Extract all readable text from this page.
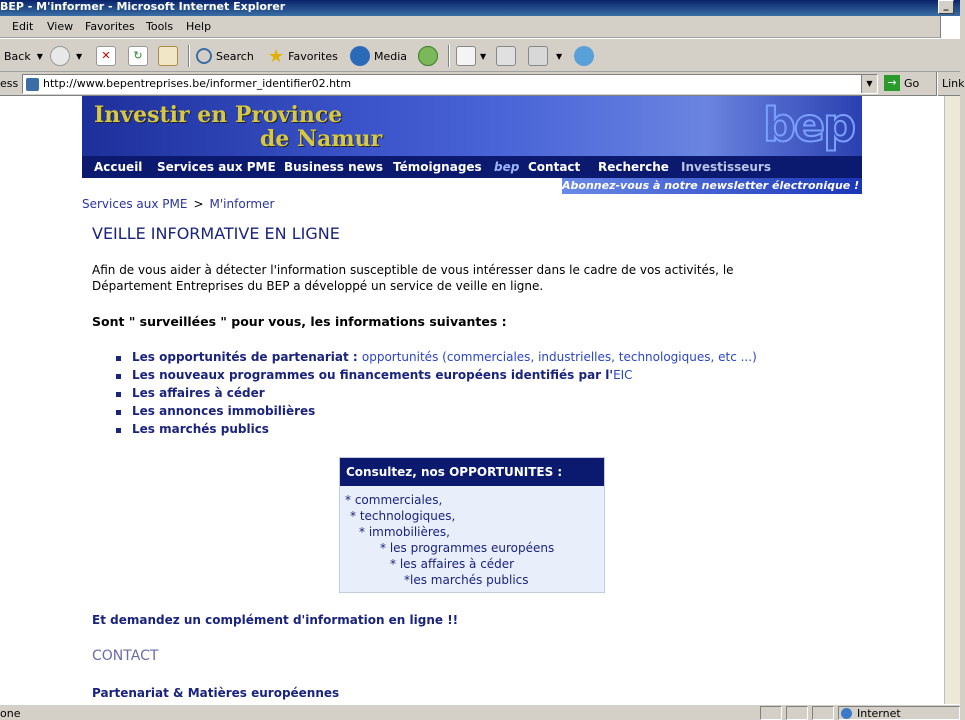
BEP - M'informer - Microsoft Internet Explorer	_
Edit View Favorites Tools Help
Back ▼	▼	✕	↻	Search ★ Favorites	Media	▼	▼
ess	http://www.bepentreprises.be/informer_identifier02.htm	▼	→ Go Link
Investir en Province
de Namur	bep
Accueil Services aux PME Business news Témoignages bep Contact Recherche Investisseurs
Abonnez-vous à notre newsletter électronique !
Services aux PME > M'informer
VEILLE INFORMATIVE EN LIGNE
Afin de vous aider à détecter l'information susceptible de vous intéresser dans le cadre de vos activités, le
Département Entreprises du BEP a développé un service de veille en ligne.
Sont " surveillées " pour vous, les informations suivantes :
Les opportunités de partenariat : opportunités (commerciales, industrielles, technologiques, etc ...)
Les nouveaux programmes ou financements européens identifiés par l'EIC
Les affaires à céder
Les annonces immobilières
Les marchés publics
Consultez, nos OPPORTUNITES :
* commerciales,
* technologiques,
* immobilières,
* les programmes européens
* les affaires à céder
*les marchés publics
Et demandez un complément d'information en ligne !!
CONTACT
Partenariat & Matières européennes
one	Internet
